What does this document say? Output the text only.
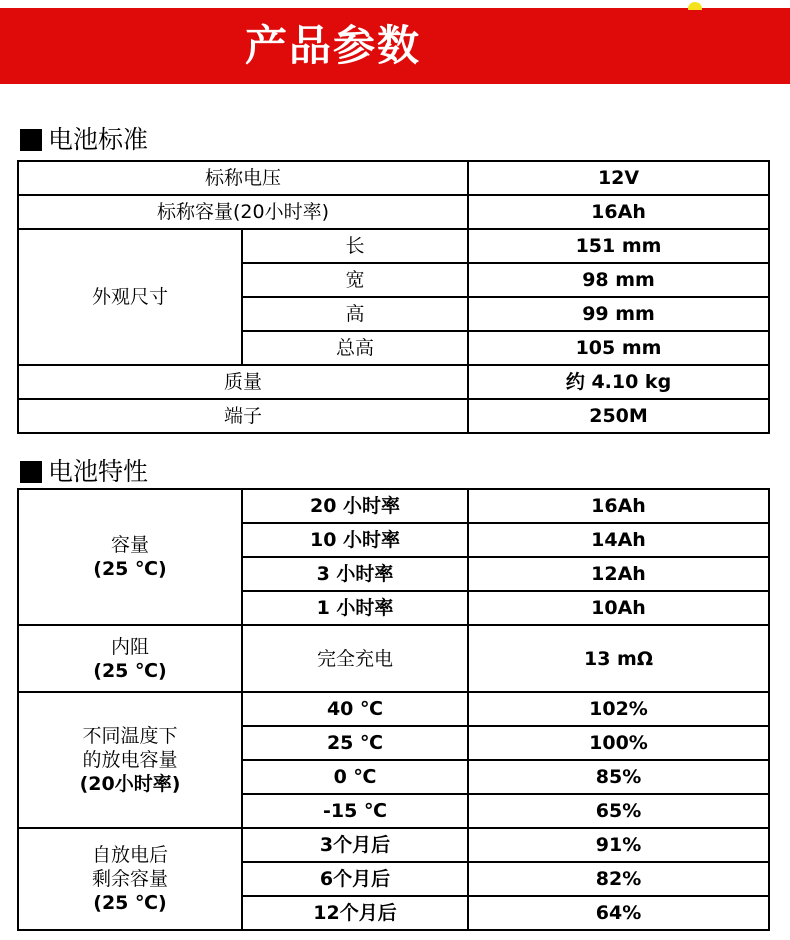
产品参数
电池标准
标称电压		12V
标称容量(20小时率)		16Ah
外观尺寸	长	151 mm
	宽	98 mm
	高	99 mm
	总高	105 mm
质量		约 4.10 kg
端子		250M
电池特性
容量
(25 ℃)	20 小时率	16Ah
	10 小时率	14Ah
	3 小时率	12Ah
	1 小时率	10Ah

内阻
(25 ℃)	完全充电	13 mΩ

不同温度下
的放电容量
(20小时率)	40 ℃	102%
	25 ℃	100%
	0 ℃	85%
	-15 ℃	65%

自放电后
剩余容量
(25 ℃)	3个月后	91%
	6个月后	82%
	12个月后	64%
